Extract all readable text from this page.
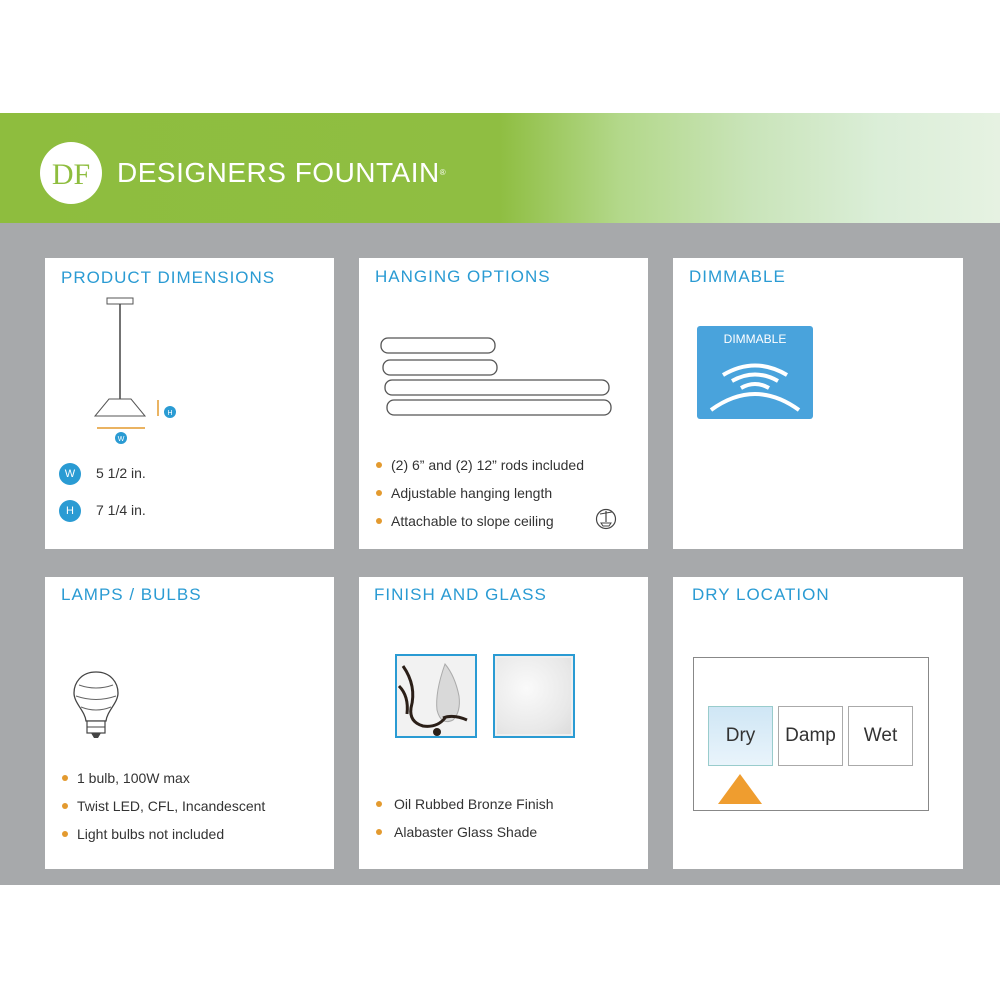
DF DESIGNERS FOUNTAIN®
PRODUCT DIMENSIONS
W
H
W	5 1/2 in.
H	7 1/4 in.
HANGING OPTIONS
(2) 6” and (2) 12” rods included
Adjustable hanging length
Attachable to slope ceiling
DIMMABLE
DIMMABLE
LAMPS / BULBS
1 bulb, 100W max
Twist LED, CFL, Incandescent
Light bulbs not included
FINISH AND GLASS
Oil Rubbed Bronze Finish
Alabaster Glass Shade
DRY LOCATION
Dry	Damp	Wet
